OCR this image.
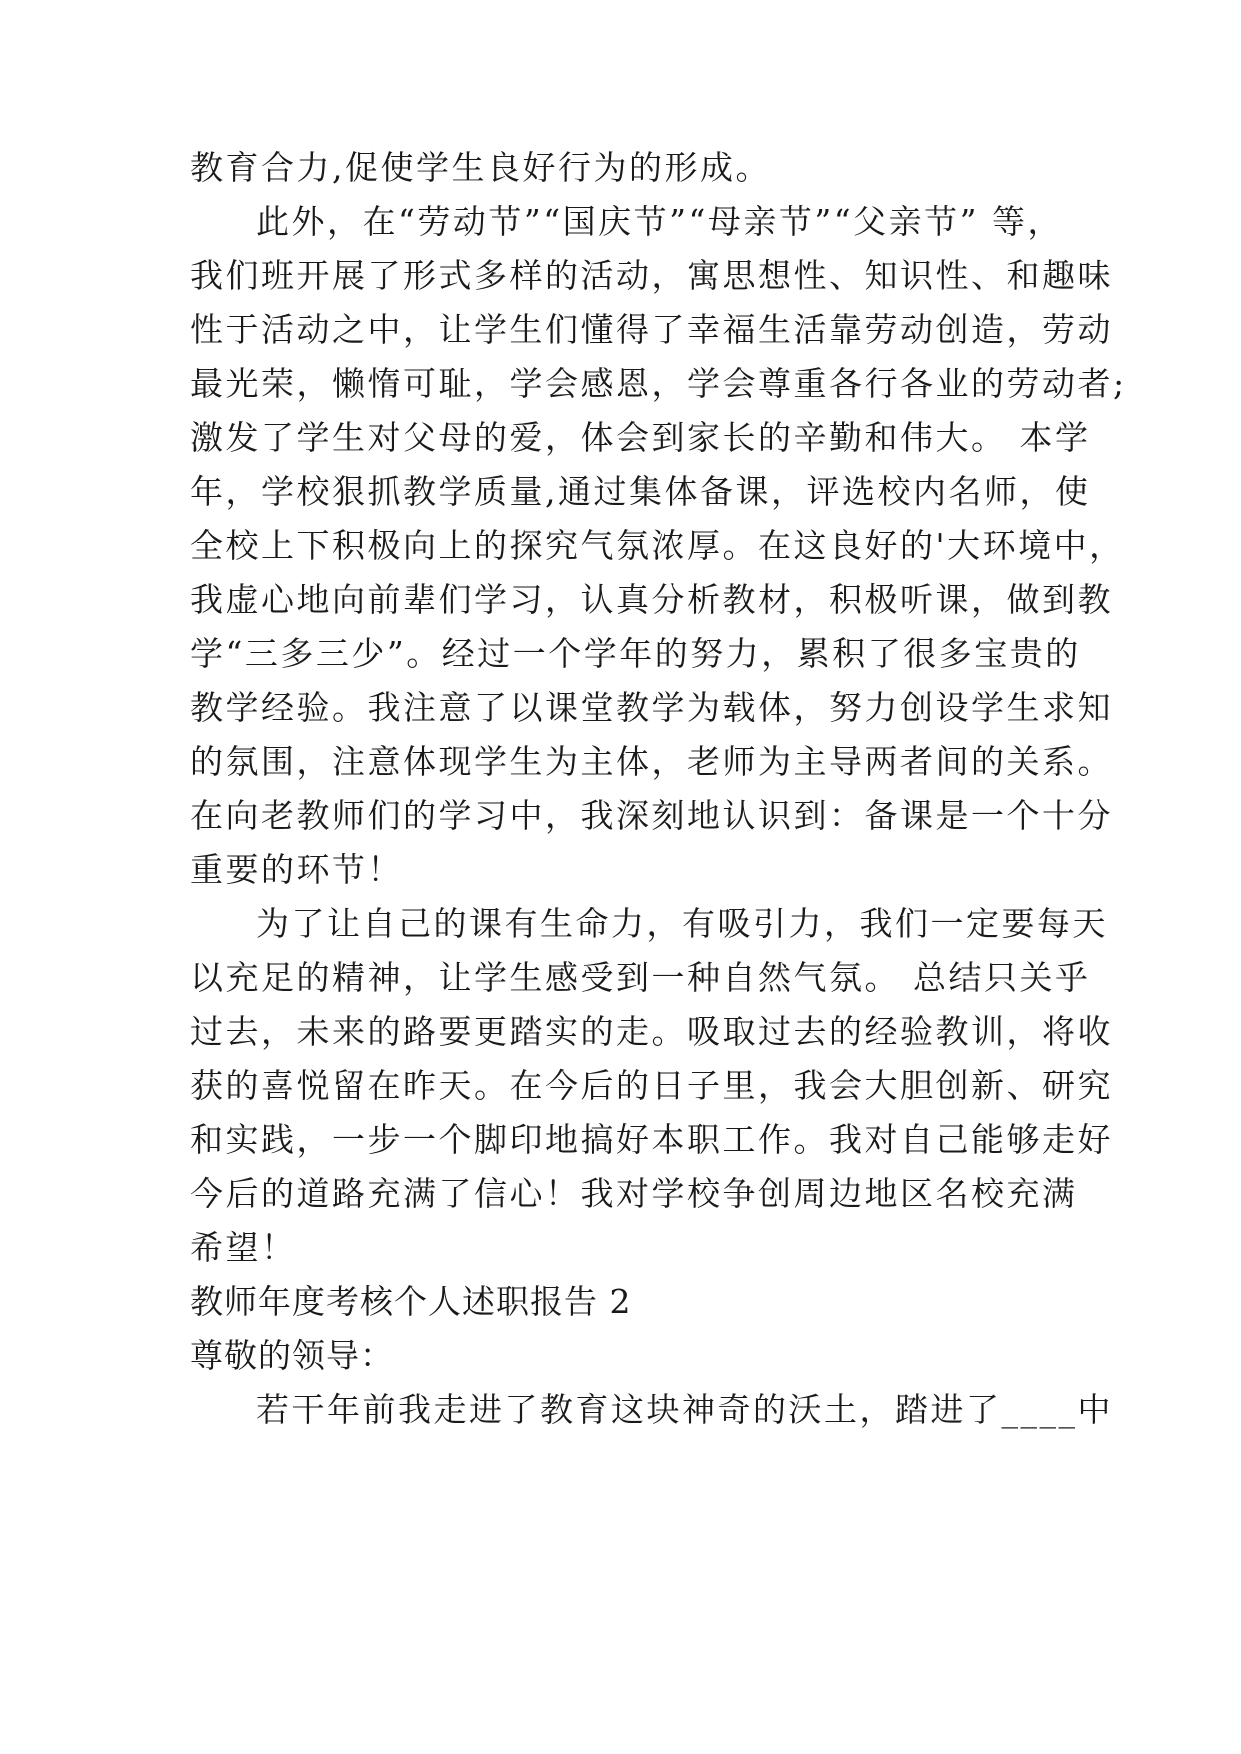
教育合力,促使学生良好行为的形成。
此外，在“劳动节”“国庆节”“母亲节”“父亲节” 等，
我们班开展了形式多样的活动，寓思想性、知识性、和趣味
性于活动之中，让学生们懂得了幸福生活靠劳动创造，劳动
最光荣，懒惰可耻，学会感恩，学会尊重各行各业的劳动者;
激发了学生对父母的爱，体会到家长的辛勤和伟大。 本学
年，学校狠抓教学质量,通过集体备课，评选校内名师，使
全校上下积极向上的探究气氛浓厚。在这良好的'大环境中，
我虚心地向前辈们学习，认真分析教材，积极听课，做到教
学“三多三少”。经过一个学年的努力，累积了很多宝贵的
教学经验。我注意了以课堂教学为载体，努力创设学生求知
的氛围，注意体现学生为主体，老师为主导两者间的关系。
在向老教师们的学习中，我深刻地认识到：备课是一个十分
重要的环节！
为了让自己的课有生命力，有吸引力，我们一定要每天
以充足的精神，让学生感受到一种自然气氛。 总结只关乎
过去，未来的路要更踏实的走。吸取过去的经验教训，将收
获的喜悦留在昨天。在今后的日子里，我会大胆创新、研究
和实践，一步一个脚印地搞好本职工作。我对自己能够走好
今后的道路充满了信心！我对学校争创周边地区名校充满
希望！
教师年度考核个人述职报告 2
尊敬的领导：
若干年前我走进了教育这块神奇的沃土，踏进了____中
